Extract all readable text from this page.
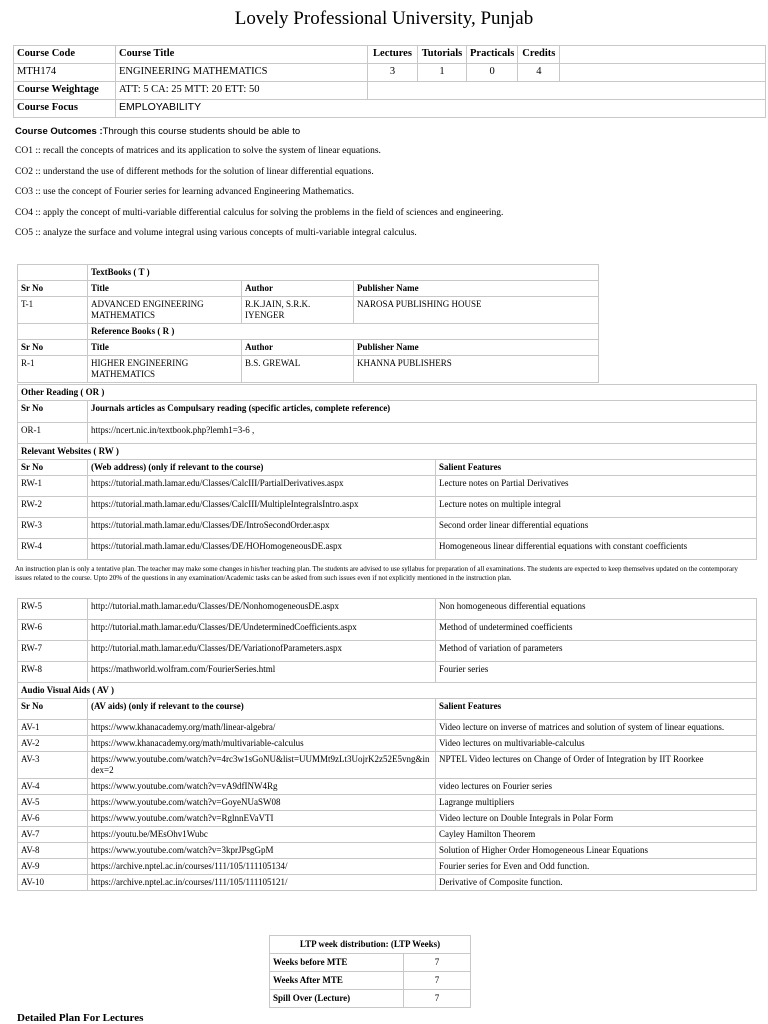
Lovely Professional University, Punjab
Course Code	Course Title	Lectures	Tutorials	Practicals	Credits	
MTH174	ENGINEERING MATHEMATICS	3	1	0	4	
Course Weightage	ATT: 5 CA: 25 MTT: 20 ETT: 50					
Course Focus	EMPLOYABILITY					
Course Outcomes :Through this course students should be able to
CO1 :: recall the concepts of matrices and its application to solve the system of linear equations.
CO2 :: understand the use of different methods for the solution of linear differential equations.
CO3 :: use the concept of Fourier series for learning advanced Engineering Mathematics.
CO4 :: apply the concept of multi-variable differential calculus for solving the problems in the field of sciences and engineering.
CO5 :: analyze the surface and volume integral using various concepts of multi-variable integral calculus.
	TextBooks ( T )		
Sr No	Title	Author	Publisher Name
T-1	ADVANCED ENGINEERING MATHEMATICS	R.K.JAIN, S.R.K. IYENGER	NAROSA PUBLISHING HOUSE
	Reference Books ( R )		
Sr No	Title	Author	Publisher Name
R-1	HIGHER ENGINEERING MATHEMATICS	B.S. GREWAL	KHANNA PUBLISHERS
Other Reading ( OR )		
Sr No	Journals articles as Compulsary reading (specific articles, complete reference)	
OR-1	https://ncert.nic.in/textbook.php?lemh1=3-6 ,	
Relevant Websites ( RW )		
Sr No	(Web address) (only if relevant to the course)	Salient Features
RW-1	https://tutorial.math.lamar.edu/Classes/CalcIII/PartialDerivatives.aspx	Lecture notes on Partial Derivatives
RW-2	https://tutorial.math.lamar.edu/Classes/CalcIII/MultipleIntegralsIntro.aspx	Lecture notes on multiple integral
RW-3	https://tutorial.math.lamar.edu/Classes/DE/IntroSecondOrder.aspx	Second order linear differential equations
RW-4	https://tutorial.math.lamar.edu/Classes/DE/HOHomogeneousDE.aspx	Homogeneous linear differential equations with constant coefficients
An instruction plan is only a tentative plan. The teacher may make some changes in his/her teaching plan. The students are advised to use syllabus for preparation of all examinations. The students are expected to keep themselves updated on the contemporary issues related to the course. Upto 20% of the questions in any examination/Academic tasks can be asked from such issues even if not explicitly mentioned in the instruction plan.
RW-5	http://tutorial.math.lamar.edu/Classes/DE/NonhomogeneousDE.aspx	Non homogeneous differential equations
RW-6	http://tutorial.math.lamar.edu/Classes/DE/UndeterminedCoefficients.aspx	Method of undetermined coefficients
RW-7	http://tutorial.math.lamar.edu/Classes/DE/VariationofParameters.aspx	Method of variation of parameters
RW-8	https://mathworld.wolfram.com/FourierSeries.html	Fourier series
Audio Visual Aids ( AV )		
Sr No	(AV aids) (only if relevant to the course)	Salient Features
AV-1	https://www.khanacademy.org/math/linear-algebra/	Video lecture on inverse of matrices and solution of system of linear equations.
AV-2	https://www.khanacademy.org/math/multivariable-calculus	Video lectures on multivariable-calculus
AV-3	https://www.youtube.com/watch?v=4rc3w1sGoNU&list=UUMMt9zLt3UojrK2z52E5vng&index=2	NPTEL Video lectures on Change of Order of Integration by IIT Roorkee
AV-4	https://www.youtube.com/watch?v=vA9dfINW4Rg	video lectures on Fourier series
AV-5	https://www.youtube.com/watch?v=GoyeNUaSW08	Lagrange multipliers
AV-6	https://www.youtube.com/watch?v=RglnnEVaVTI	Video lecture on Double Integrals in Polar Form
AV-7	https://youtu.be/MEsOhv1Wubc	Cayley Hamilton Theorem
AV-8	https://www.youtube.com/watch?v=3kprJPsgGpM	Solution of Higher Order Homogeneous Linear Equations
AV-9	https://archive.nptel.ac.in/courses/111/105/111105134/	Fourier series for Even and Odd function.
AV-10	https://archive.nptel.ac.in/courses/111/105/111105121/	Derivative of Composite function.
LTP week distribution: (LTP Weeks)	
Weeks before MTE	7
Weeks After MTE	7
Spill Over (Lecture)	7
Detailed Plan For Lectures
